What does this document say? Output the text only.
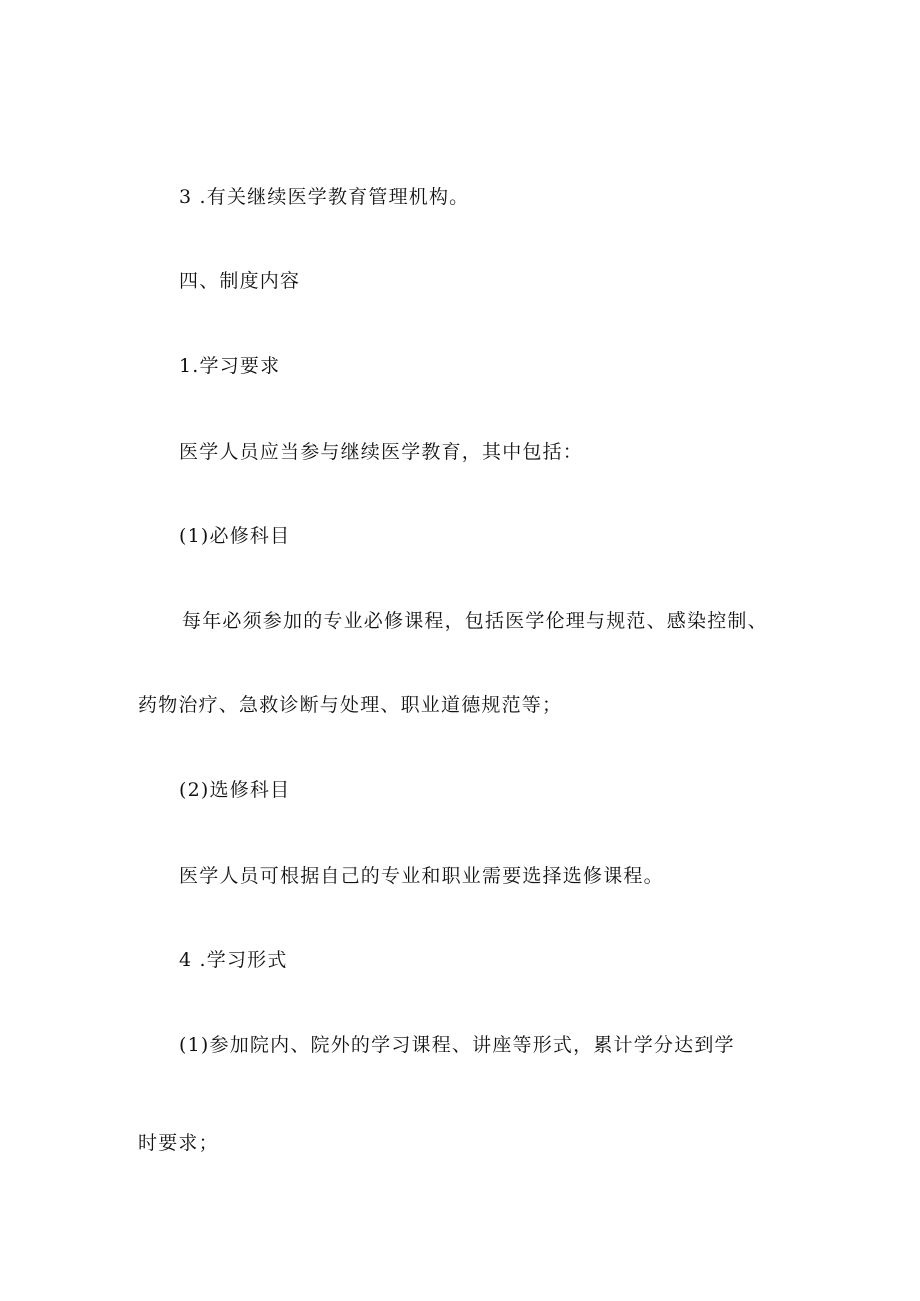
3 .有关继续医学教育管理机构。
四、制度内容
1.学习要求
医学人员应当参与继续医学教育，其中包括：
(1)必修科目
每年必须参加的专业必修课程，包括医学伦理与规范、感染控制、
药物治疗、急救诊断与处理、职业道德规范等；
(2)选修科目
医学人员可根据自己的专业和职业需要选择选修课程。
4 .学习形式
(1)参加院内、院外的学习课程、讲座等形式，累计学分达到学
时要求；
